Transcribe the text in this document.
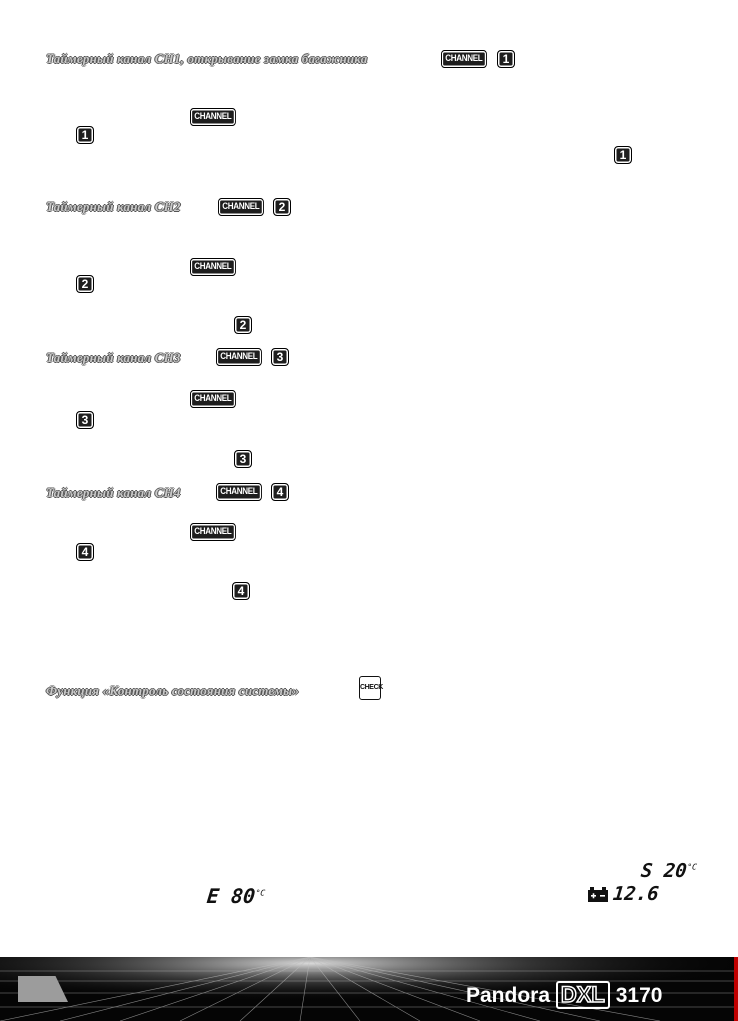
Таймерный канал CH1, открывание замка багажника	CHANNEL	1
CHANNEL
1
1
Таймерный канал CH2	CHANNEL	2
CHANNEL
2
2
Таймерный канал CH3	CHANNEL	3
CHANNEL
3
3
Таймерный канал CH4	CHANNEL	4
CHANNEL
4
4
Функция «Контроль состояния системы»	CHECK
E $80^{^\circ C}$
S $20^{^\circ C}$
12.6
Pandora DXL 3170
